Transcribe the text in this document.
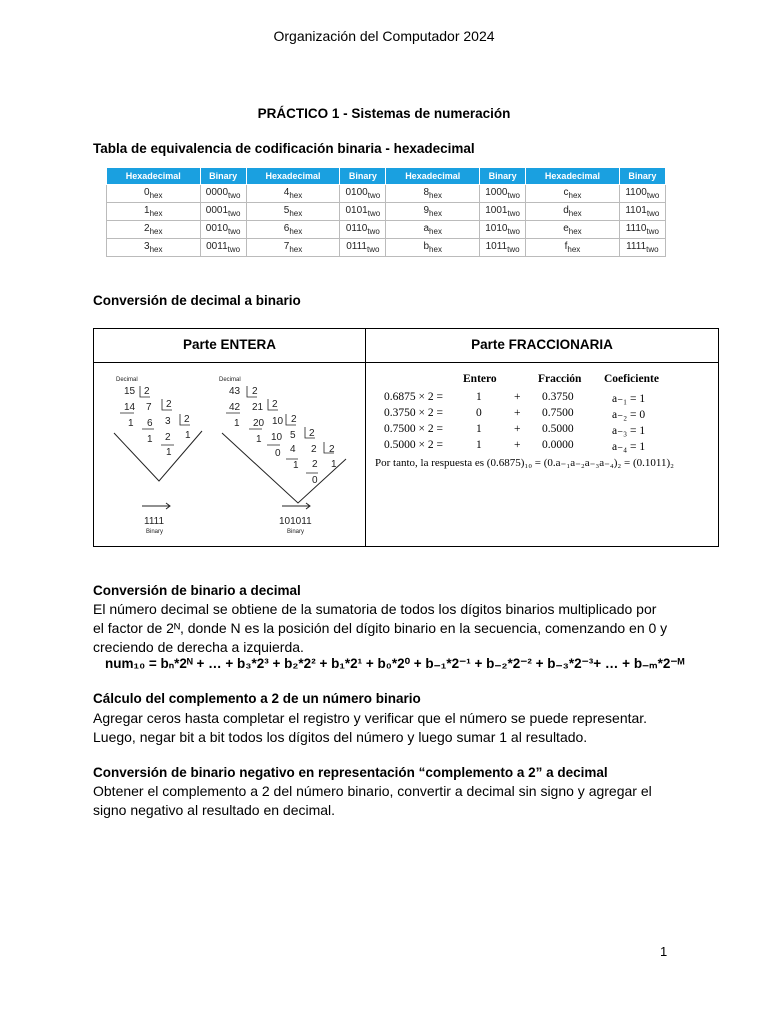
Organización del Computador 2024
PRÁCTICO 1 - Sistemas de numeración
Tabla de equivalencia de codificación binaria - hexadecimal
Hexadecimal	Binary	Hexadecimal	Binary	Hexadecimal	Binary	Hexadecimal	Binary
$0_{hex}$	$0000_{two}$	$4_{hex}$	$0100_{two}$	$8_{hex}$	$1000_{two}$	$c_{hex}$	$1100_{two}$
$1_{hex}$	$0001_{two}$	$5_{hex}$	$0101_{two}$	$9_{hex}$	$1001_{two}$	$d_{hex}$	$1101_{two}$
$2_{hex}$	$0010_{two}$	$6_{hex}$	$0110_{two}$	$a_{hex}$	$1010_{two}$	$e_{hex}$	$1110_{two}$
$3_{hex}$	$0011_{two}$	$7_{hex}$	$0111_{two}$	$b_{hex}$	$1011_{two}$	$f_{hex}$	$1111_{two}$
Conversión de decimal a binario
Parte ENTERA	Parte FRACCIONARIA
Decimal
15 2
14 7 2
1 6 3 2
1 2 1
1
1111
Binary
Decimal
43 2
42 21 2
1 20 10 2
1 10 5 2
0 4 2 2
1 2 1
0
101011
Binary
Entero	Fracción Coeficiente
0.6875 × 2 =	1	+ 0.3750	a₋₁ = 1
0.3750 × 2 =	0	+ 0.7500	a₋₂ = 0
0.7500 × 2 =	1	+ 0.5000	a₋₃ = 1
0.5000 × 2 =	1	+ 0.0000	a₋₄ = 1
Por tanto, la respuesta es (0.6875)₁₀ = (0.a₋₁a₋₂a₋₃a₋₄)₂ = (0.1011)₂
Conversión de binario a decimal
El número decimal se obtiene de la sumatoria de todos los dígitos binarios multiplicado por
el factor de 2ᴺ, donde N es la posición del dígito binario en la secuencia, comenzando en 0 y
creciendo de derecha a izquierda.
num₁₀ = bₙ*2ᴺ + … + b₃*2³ + b₂*2² + b₁*2¹ + b₀*2⁰ + b₋₁*2⁻¹ + b₋₂*2⁻² + b₋₃*2⁻³+ … + b₋ₘ*2⁻ᴹ
Cálculo del complemento a 2 de un número binario
Agregar ceros hasta completar el registro y verificar que el número se puede representar.
Luego, negar bit a bit todos los dígitos del número y luego sumar 1 al resultado.
Conversión de binario negativo en representación “complemento a 2” a decimal
Obtener el complemento a 2 del número binario, convertir a decimal sin signo y agregar el
signo negativo al resultado en decimal.
1
